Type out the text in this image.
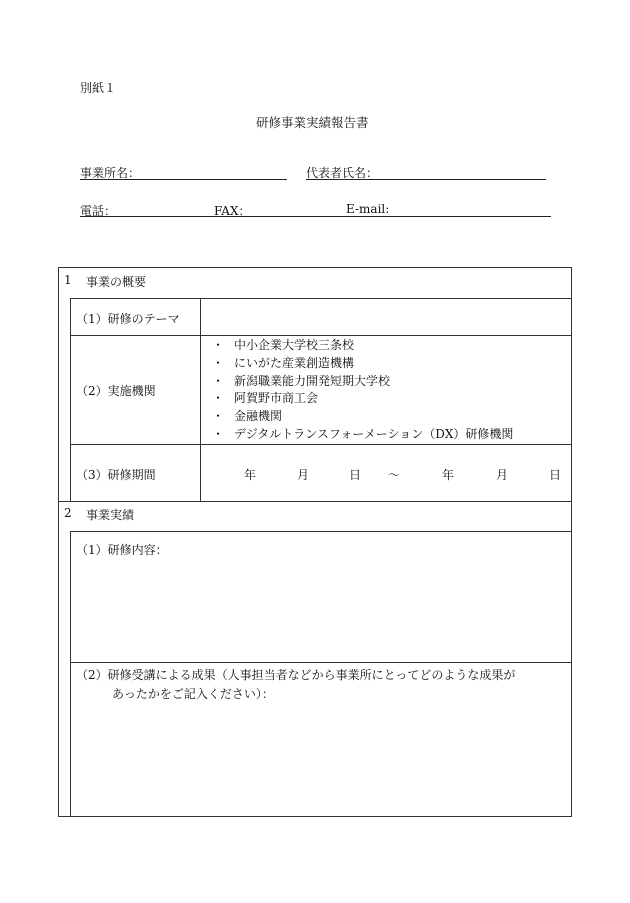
別紙１
研修事業実績報告書
事業所名：	代表者氏名：
電話：	FAX：	E-mail:
1 事業の概要
（1）研修のテーマ
（2）実施機関
・ 中小企業大学校三条校
・ にいがた産業創造機構
・ 新潟職業能力開発短期大学校
・ 阿賀野市商工会
・ 金融機関
・ デジタルトランスフォーメーション（DX）研修機関
（3）研修期間	年	月	日 ～	年	月	日
2 事業実績
（1）研修内容：
（2）研修受講による成果（人事担当者などから事業所にとってどのような成果が
あったかをご記入ください）：
